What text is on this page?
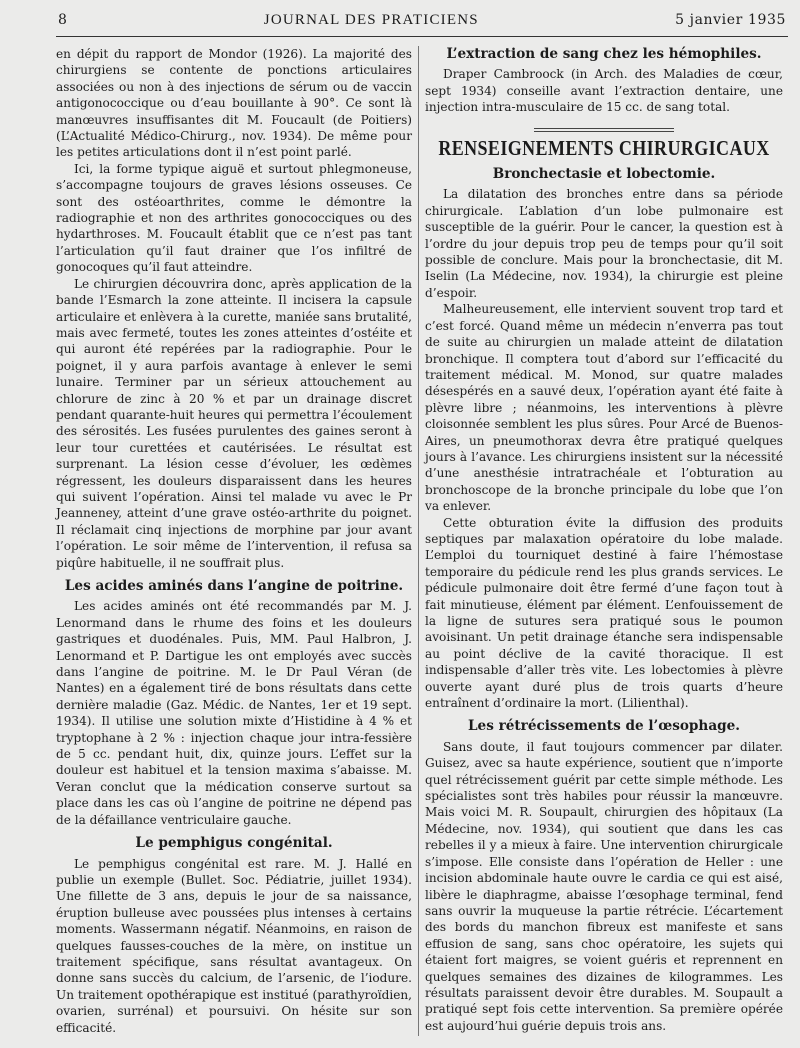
8	JOURNAL DES PRATICIENS	5 janvier 1935

en dépit du rapport de Mondor (1926). La majorité des chirurgiens se contente de ponctions articulaires associées ou non à des injections de sérum ou de vaccin antigonococcique ou d’eau bouillante à 90°. Ce sont là manœuvres insuffisantes dit M. Foucault (de Poitiers) (L’Actualité Médico-Chirurg., nov. 1934). De même pour les petites articulations dont il n’est point parlé.

Ici, la forme typique aiguë et surtout phlegmoneuse, s’accompagne toujours de graves lésions osseuses. Ce sont des ostéoarthrites, comme le démontre la radiographie et non des arthrites gonococciques ou des hydarthroses. M. Foucault établit que ce n’est pas tant l’articulation qu’il faut drainer que l’os infiltré de gonocoques qu’il faut atteindre.

Le chirurgien découvrira donc, après application de la bande l’Esmarch la zone atteinte. Il incisera la capsule articulaire et enlèvera à la curette, maniée sans brutalité, mais avec fermeté, toutes les zones atteintes d’ostéite et qui auront été repérées par la radiographie. Pour le poignet, il y aura parfois avantage à enlever le semi lunaire. Terminer par un sérieux attouchement au chlorure de zinc à 20 % et par un drainage discret pendant quarante-huit heures qui permettra l’écoulement des sérosités. Les fusées purulentes des gaines seront à leur tour curettées et cautérisées. Le résultat est surprenant. La lésion cesse d’évoluer, les œdèmes régressent, les douleurs disparaissent dans les heures qui suivent l’opération. Ainsi tel malade vu avec le Pr Jeanneney, atteint d’une grave ostéo-arthrite du poignet. Il réclamait cinq injections de morphine par jour avant l’opération. Le soir même de l’intervention, il refusa sa piqûre habituelle, il ne souffrait plus.

Les acides aminés dans l’angine de poitrine.

Les acides aminés ont été recommandés par M. J. Lenormand dans le rhume des foins et les douleurs gastriques et duodénales. Puis, MM. Paul Halbron, J. Lenormand et P. Dartigue les ont employés avec succès dans l’angine de poitrine. M. le Dr Paul Véran (de Nantes) en a également tiré de bons résultats dans cette dernière maladie (Gaz. Médic. de Nantes, 1er et 19 sept. 1934). Il utilise une solution mixte d’Histidine à 4 % et tryptophane à 2 % : injection chaque jour intra-fessière de 5 cc. pendant huit, dix, quinze jours. L’effet sur la douleur est habituel et la tension maxima s’abaisse. M. Veran conclut que la médication conserve surtout sa place dans les cas où l’angine de poitrine ne dépend pas de la défaillance ventriculaire gauche.

Le pemphigus congénital.

Le pemphigus congénital est rare. M. J. Hallé en publie un exemple (Bullet. Soc. Pédiatrie, juillet 1934). Une fillette de 3 ans, depuis le jour de sa naissance, éruption bulleuse avec poussées plus intenses à certains moments. Wassermann négatif. Néanmoins, en raison de quelques fausses-couches de la mère, on institue un traitement spécifique, sans résultat avantageux. On donne sans succès du calcium, de l’arsenic, de l’iodure. Un traitement opothérapique est institué (parathyroïdien, ovarien, surrénal) et poursuivi. On hésite sur son efficacité.

L’extraction de sang chez les hémophiles.

Draper Cambroock (in Arch. des Maladies de cœur, sept 1934) conseille avant l’extraction dentaire, une injection intra-musculaire de 15 cc. de sang total.

RENSEIGNEMENTS CHIRURGICAUX
Bronchectasie et lobectomie.

La dilatation des bronches entre dans sa période chirurgicale. L’ablation d’un lobe pulmonaire est susceptible de la guérir. Pour le cancer, la question est à l’ordre du jour depuis trop peu de temps pour qu’il soit possible de conclure. Mais pour la bronchectasie, dit M. Iselin (La Médecine, nov. 1934), la chirurgie est pleine d’espoir.

Malheureusement, elle intervient souvent trop tard et c’est forcé. Quand même un médecin n’enverra pas tout de suite au chirurgien un malade atteint de dilatation bronchique. Il comptera tout d’abord sur l’efficacité du traitement médical. M. Monod, sur quatre malades désespérés en a sauvé deux, l’opération ayant été faite à plèvre libre ; néanmoins, les interventions à plèvre cloisonnée semblent les plus sûres. Pour Arcé de Buenos-Aires, un pneumothorax devra être pratiqué quelques jours à l’avance. Les chirurgiens insistent sur la nécessité d’une anesthésie intratrachéale et l’obturation au bronchoscope de la bronche principale du lobe que l’on va enlever.

Cette obturation évite la diffusion des produits septiques par malaxation opératoire du lobe malade. L’emploi du tourniquet destiné à faire l’hémostase temporaire du pédicule rend les plus grands services. Le pédicule pulmonaire doit être fermé d’une façon tout à fait minutieuse, élément par élément. L’enfouissement de la ligne de sutures sera pratiqué sous le poumon avoisinant. Un petit drainage étanche sera indispensable au point déclive de la cavité thoracique. Il est indispensable d’aller très vite. Les lobectomies à plèvre ouverte ayant duré plus de trois quarts d’heure entraînent d’ordinaire la mort. (Lilienthal).

Les rétrécissements de l’œsophage.

Sans doute, il faut toujours commencer par dilater. Guisez, avec sa haute expérience, soutient que n’importe quel rétrécissement guérit par cette simple méthode. Les spécialistes sont très habiles pour réussir la manœuvre. Mais voici M. R. Soupault, chirurgien des hôpitaux (La Médecine, nov. 1934), qui soutient que dans les cas rebelles il y a mieux à faire. Une intervention chirurgicale s’impose. Elle consiste dans l’opération de Heller : une incision abdominale haute ouvre le cardia ce qui est aisé, libère le diaphragme, abaisse l’œsophage terminal, fend sans ouvrir la muqueuse la partie rétrécie. L’écartement des bords du manchon fibreux est manifeste et sans effusion de sang, sans choc opératoire, les sujets qui étaient fort maigres, se voient guéris et reprennent en quelques semaines des dizaines de kilogrammes. Les résultats paraissent devoir être durables. M. Soupault a pratiqué sept fois cette intervention. Sa première opérée est aujourd’hui guérie depuis trois ans.
